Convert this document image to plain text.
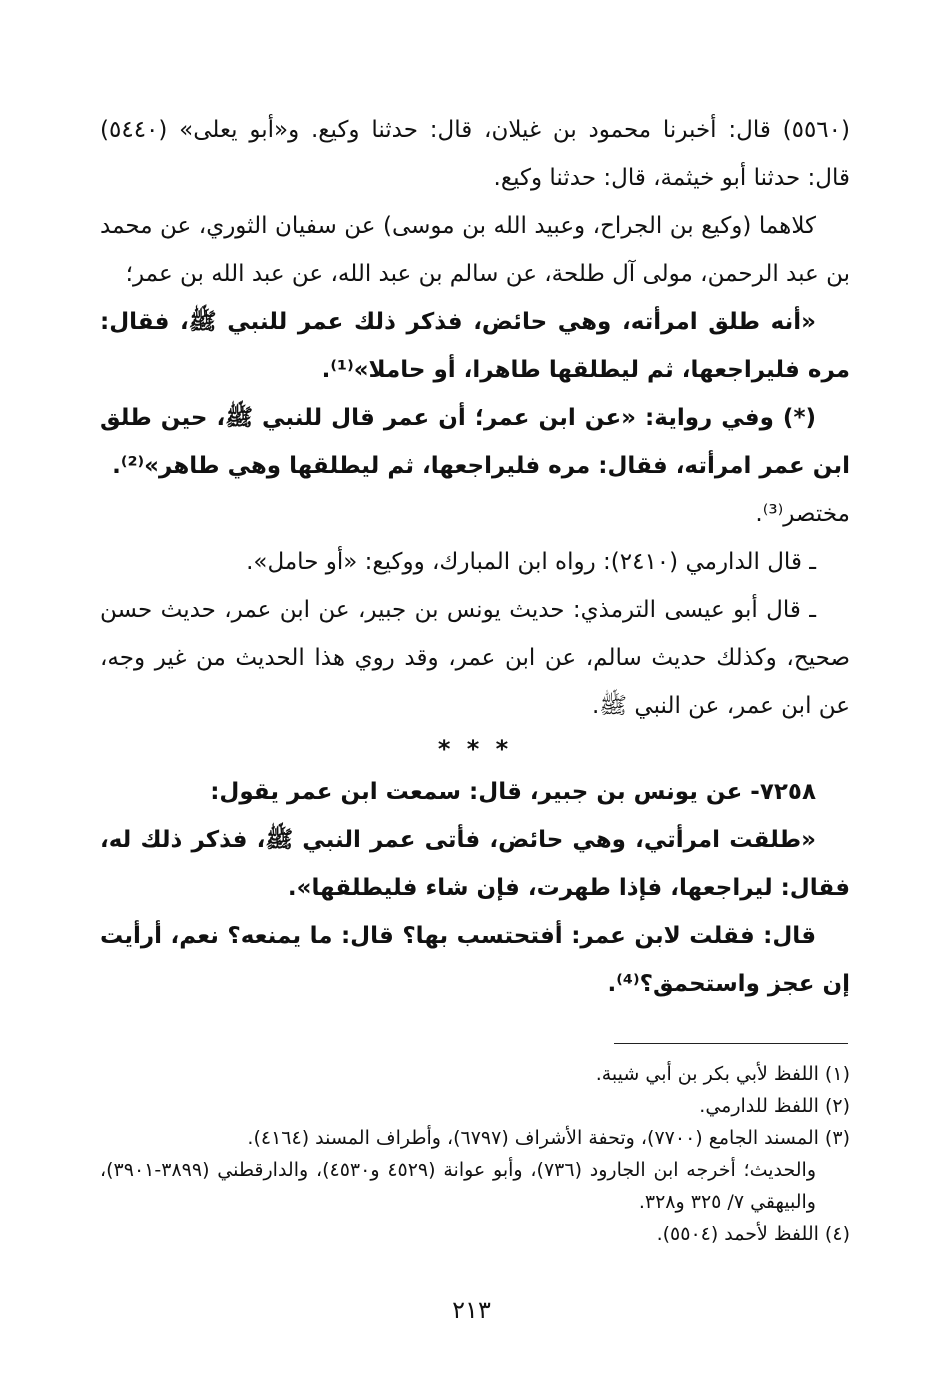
(٥٥٦٠) قال: أخبرنا محمود بن غيلان، قال: حدثنا وكيع. و«أبو يعلى» (٥٤٤٠) قال: حدثنا أبو خيثمة، قال: حدثنا وكيع.

كلاهما (وكيع بن الجراح، وعبيد الله بن موسى) عن سفيان الثوري، عن محمد بن عبد الرحمن، مولى آل طلحة، عن سالم بن عبد الله، عن عبد الله بن عمر؛

«أنه طلق امرأته، وهي حائض، فذكر ذلك عمر للنبي ﷺ، فقال: مره فليراجعها، ثم ليطلقها طاهرا، أو حاملا»⁽¹⁾.

(*) وفي رواية: «عن ابن عمر؛ أن عمر قال للنبي ﷺ، حين طلق ابن عمر امرأته، فقال: مره فليراجعها، ثم ليطلقها وهي طاهر»⁽²⁾.

مختصر⁽³⁾.

ـ قال الدارمي (٢٤١٠): رواه ابن المبارك، ووكيع: «أو حامل».

ـ قال أبو عيسى الترمذي: حديث يونس بن جبير، عن ابن عمر، حديث حسن صحيح، وكذلك حديث سالم، عن ابن عمر، وقد روي هذا الحديث من غير وجه، عن ابن عمر، عن النبي ﷺ.

* * *

٧٢٥٨- عن يونس بن جبير، قال: سمعت ابن عمر يقول:

«طلقت امرأتي، وهي حائض، فأتى عمر النبي ﷺ، فذكر ذلك له، فقال: ليراجعها، فإذا طهرت، فإن شاء فليطلقها».

قال: فقلت لابن عمر: أفتحتسب بها؟ قال: ما يمنعه؟ نعم، أرأيت إن عجز واستحمق؟⁽⁴⁾.

(١) اللفظ لأبي بكر بن أبي شيبة.

(٢) اللفظ للدارمي.

(٣) المسند الجامع (٧٧٠٠)، وتحفة الأشراف (٦٧٩٧)، وأطراف المسند (٤١٦٤).

والحديث؛ أخرجه ابن الجارود (٧٣٦)، وأبو عوانة (٤٥٢٩ و٤٥٣٠)، والدارقطني (٣٨٩٩-٣٩٠١)، والبيهقي ٧/ ٣٢٥ و٣٢٨.

(٤) اللفظ لأحمد (٥٥٠٤).

٢١٣
